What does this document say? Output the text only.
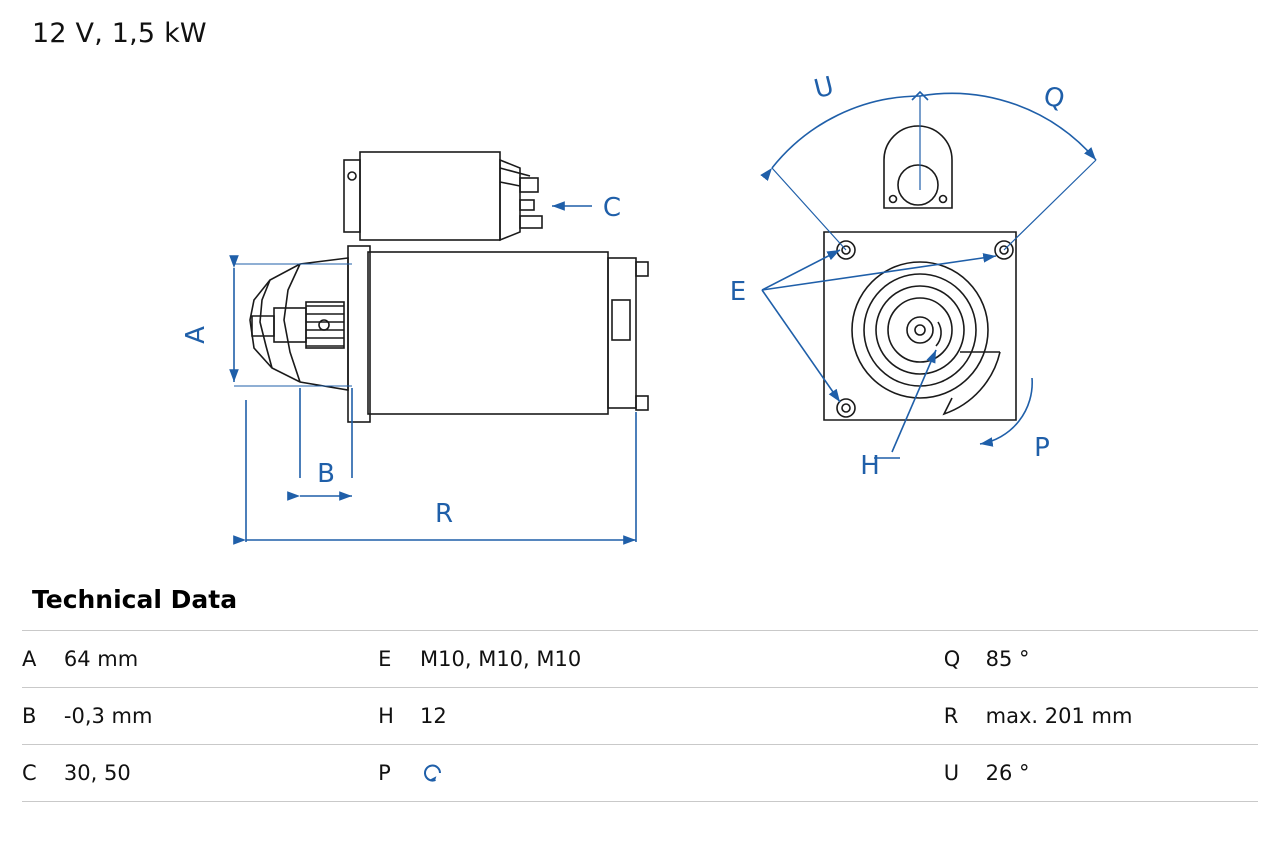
12 V, 1,5 kW
A
B
C
R
U	Q
E
H
P
Technical Data
A	64 mm	E	M10, M10, M10	Q	85 °
B	-0,3 mm	H	12	R	max. 201 mm
C	30, 50	P		U	26 °
